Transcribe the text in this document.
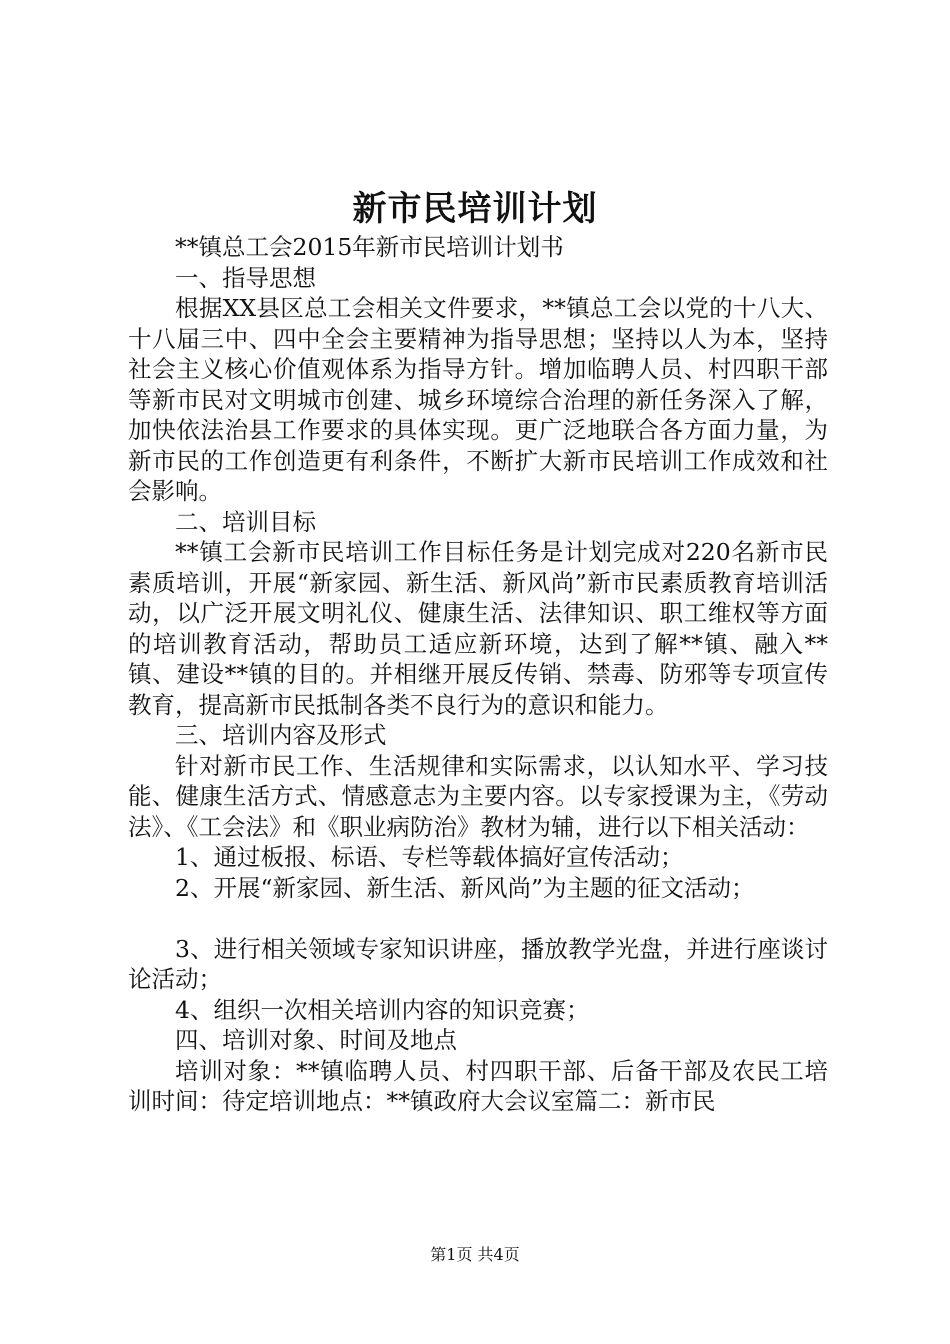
新市民培训计划

**镇总工会2015年新市民培训计划书

一、指导思想

根据XX县区总工会相关文件要求，**镇总工会以党的十八大、十八届三中、四中全会主要精神为指导思想；坚持以人为本，坚持社会主义核心价值观体系为指导方针。增加临聘人员、村四职干部等新市民对文明城市创建、城乡环境综合治理的新任务深入了解，加快依法治县工作要求的具体实现。更广泛地联合各方面力量，为新市民的工作创造更有利条件，不断扩大新市民培训工作成效和社会影响。

二、培训目标

**镇工会新市民培训工作目标任务是计划完成对220名新市民素质培训，开展“新家园、新生活、新风尚”新市民素质教育培训活动，以广泛开展文明礼仪、健康生活、法律知识、职工维权等方面的培训教育活动，帮助员工适应新环境，达到了解**镇、融入**镇、建设**镇的目的。并相继开展反传销、禁毒、防邪等专项宣传教育，提高新市民抵制各类不良行为的意识和能力。

三、培训内容及形式

针对新市民工作、生活规律和实际需求，以认知水平、学习技能、健康生活方式、情感意志为主要内容。以专家授课为主，《劳动法》、《工会法》和《职业病防治》教材为辅，进行以下相关活动：

1、通过板报、标语、专栏等载体搞好宣传活动；

2、开展“新家园、新生活、新风尚”为主题的征文活动；

3、进行相关领域专家知识讲座，播放教学光盘，并进行座谈讨论活动；

4、组织一次相关培训内容的知识竞赛；

四、培训对象、时间及地点

培训对象：**镇临聘人员、村四职干部、后备干部及农民工培训时间：待定培训地点：**镇政府大会议室篇二：新市民

第1页 共4页
